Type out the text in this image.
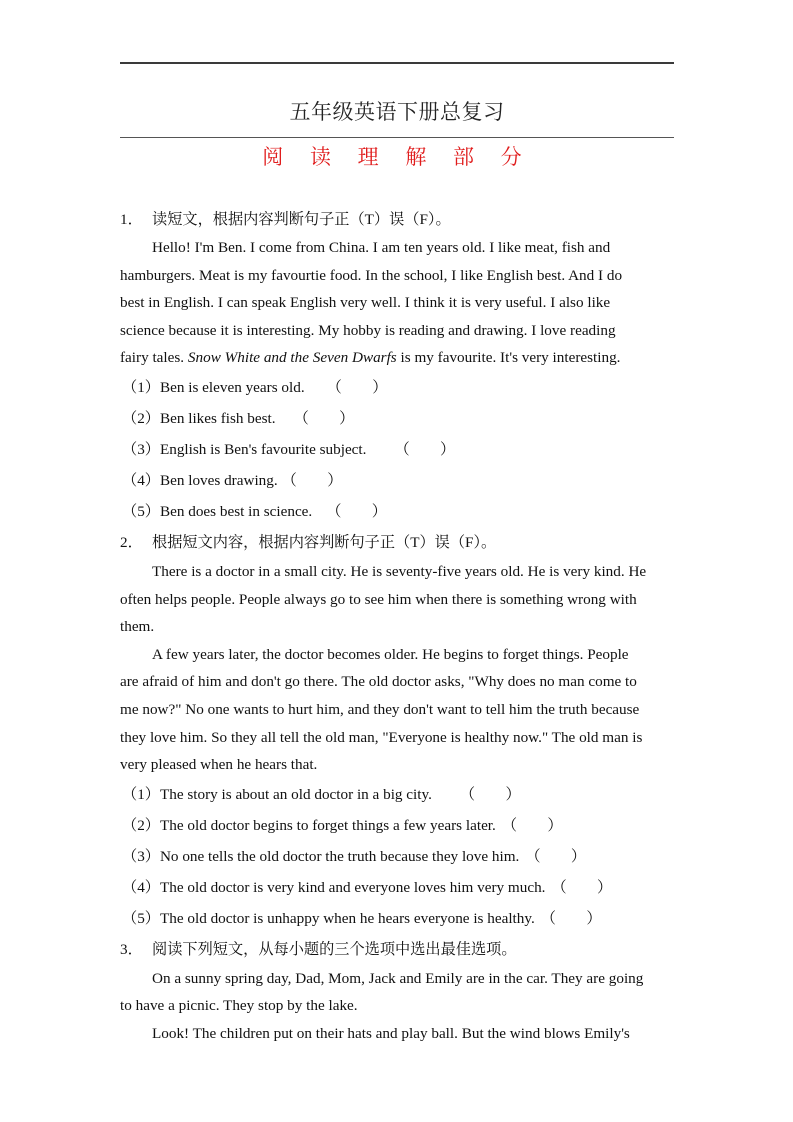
五年级英语下册总复习
阅 读 理 解 部 分
1． 读短文，根据内容判断句子正（T）误（F）。
Hello! I'm Ben. I come from China. I am ten years old. I like meat, fish and
hamburgers. Meat is my favourtie food. In the school, I like English best. And I do
best in English. I can speak English very well. I think it is very useful. I also like
science because it is interesting. My hobby is reading and drawing. I love reading
fairy tales. Snow White and the Seven Dwarfs is my favourite. It's very interesting.
（1）Ben is eleven years old. （　　）
（2）Ben likes fish best. （　　）
（3）English is Ben's favourite subject. （　　）
（4）Ben loves drawing. （　　）
（5）Ben does best in science. （　　）
2． 根据短文内容，根据内容判断句子正（T）误（F）。
There is a doctor in a small city. He is seventy-five years old. He is very kind. He
often helps people. People always go to see him when there is something wrong with
them.
A few years later, the doctor becomes older. He begins to forget things. People
are afraid of him and don't go there. The old doctor asks, "Why does no man come to
me now?" No one wants to hurt him, and they don't want to tell him the truth because
they love him. So they all tell the old man, "Everyone is healthy now." The old man is
very pleased when he hears that.
（1）The story is about an old doctor in a big city. （　　）
（2）The old doctor begins to forget things a few years later. （　　）
（3）No one tells the old doctor the truth because they love him. （　　）
（4）The old doctor is very kind and everyone loves him very much. （　　）
（5）The old doctor is unhappy when he hears everyone is healthy. （　　）
3． 阅读下列短文，从每小题的三个选项中选出最佳选项。
On a sunny spring day, Dad, Mom, Jack and Emily are in the car. They are going
to have a picnic. They stop by the lake.
Look! The children put on their hats and play ball. But the wind blows Emily's
